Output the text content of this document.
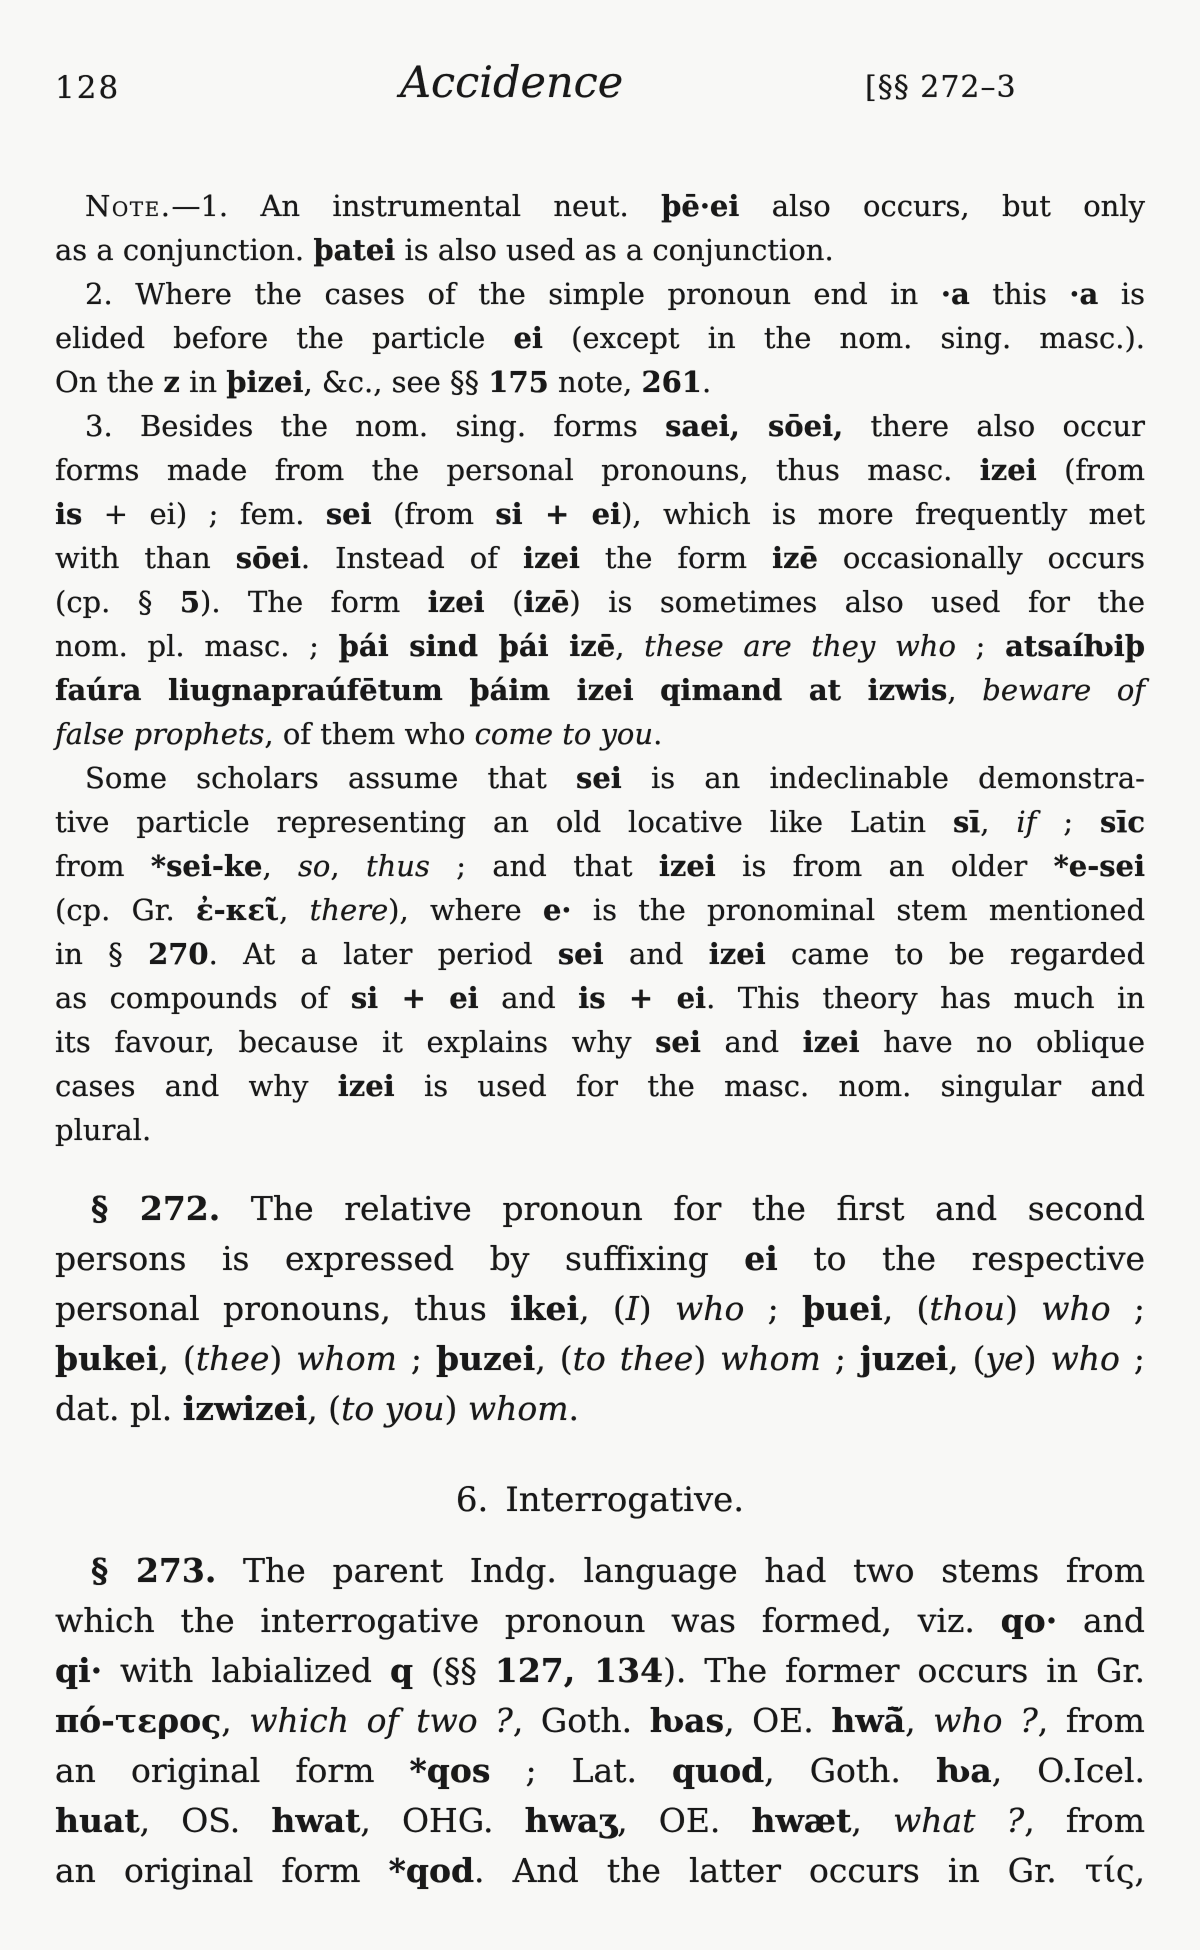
128	Accidence	[§§ 272–3
Note.—1. An instrumental neut. þē·ei also occurs, but only
as a conjunction. þatei is also used as a conjunction.
2. Where the cases of the simple pronoun end in ·a this ·a is
elided before the particle ei (except in the nom. sing. masc.).
On the z in þizei, &c., see §§ 175 note, 261.
3. Besides the nom. sing. forms saei, sōei, there also occur
forms made from the personal pronouns, thus masc. izei (from
is + ei) ; fem. sei (from si + ei), which is more frequently met
with than sōei. Instead of izei the form izē occasionally occurs
(cp. § 5). The form izei (izē) is sometimes also used for the
nom. pl. masc. ; þái sind þái izē, these are they who ; atsaíƕiþ
faúra liugnapraúfētum þáim izei qimand at izwis, beware of
false prophets, of them who come to you.
Some scholars assume that sei is an indeclinable demonstra-
tive particle representing an old locative like Latin sī, if ; sīc
from *sei-ke, so, thus ; and that izei is from an older *e-sei
(cp. Gr. ἐ-κεῖ, there), where e· is the pronominal stem mentioned
in § 270. At a later period sei and izei came to be regarded
as compounds of si + ei and is + ei. This theory has much in
its favour, because it explains why sei and izei have no oblique
cases and why izei is used for the masc. nom. singular and
plural.
§ 272. The relative pronoun for the first and second
persons is expressed by suffixing ei to the respective
personal pronouns, thus ikei, (I) who ; þuei, (thou) who ;
þukei, (thee) whom ; þuzei, (to thee) whom ; juzei, (ye) who ;
dat. pl. izwizei, (to you) whom.
6. Interrogative.
§ 273. The parent Indg. language had two stems from
which the interrogative pronoun was formed, viz. qo· and
qi· with labialized q (§§ 127, 134). The former occurs in Gr.
πό-τερος, which of two ?, Goth. ƕas, OE. hwā̆, who ?, from
an original form *qos ; Lat. quod, Goth. ƕa, O.Icel.
huat, OS. hwat, OHG. hwaʒ, OE. hwæt, what ?, from
an original form *qod. And the latter occurs in Gr. τίς,
